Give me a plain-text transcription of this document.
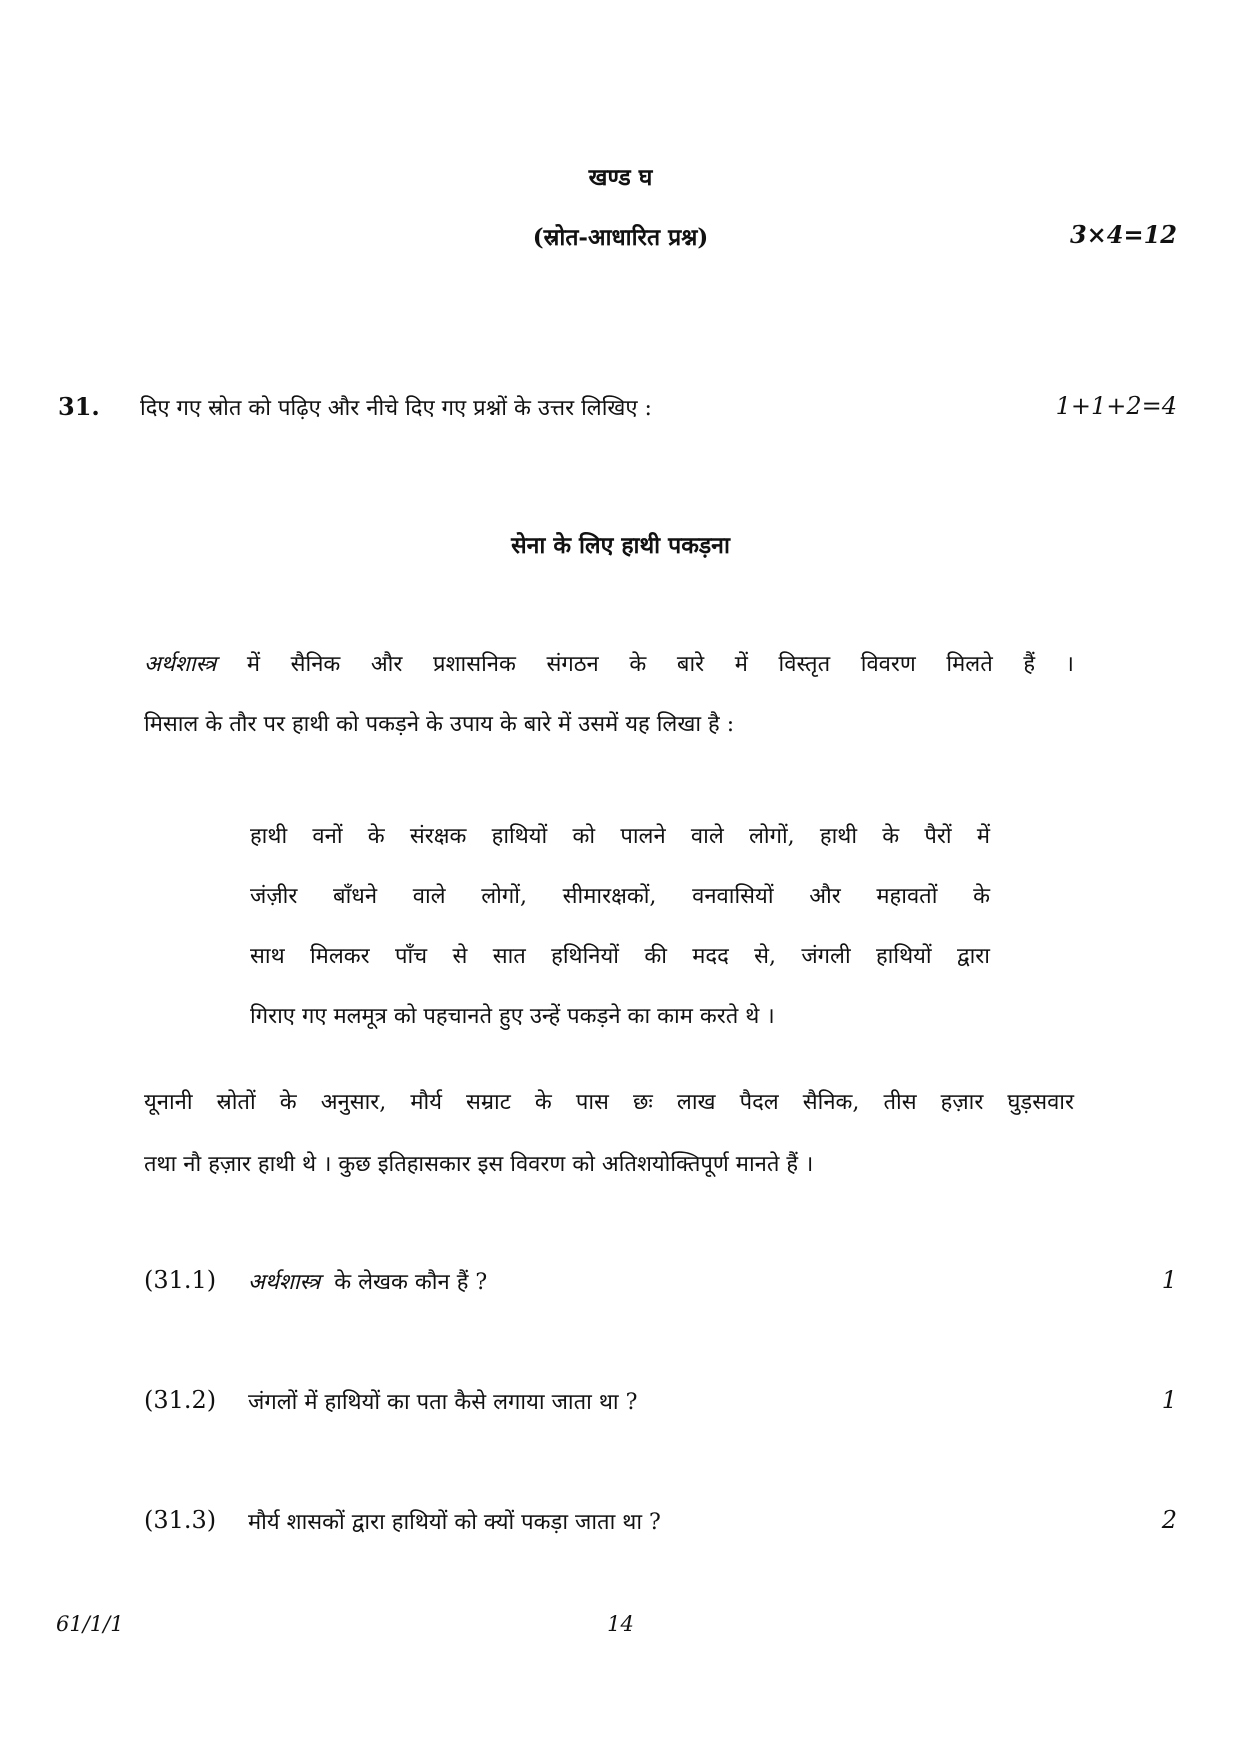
खण्ड घ
(स्रोत-आधारित प्रश्न)	3×4=12
31. दिए गए स्रोत को पढ़िए और नीचे दिए गए प्रश्नों के उत्तर लिखिए :	1+1+2=4
सेना के लिए हाथी पकड़ना
अर्थशास्त्र में सैनिक और प्रशासनिक संगठन के बारे में विस्तृत विवरण मिलते हैं ।
मिसाल के तौर पर हाथी को पकड़ने के उपाय के बारे में उसमें यह लिखा है :
हाथी वनों के संरक्षक हाथियों को पालने वाले लोगों, हाथी के पैरों में
जंज़ीर बाँधने वाले लोगों, सीमारक्षकों, वनवासियों और महावतों के
साथ मिलकर पाँच से सात हथिनियों की मदद से, जंगली हाथियों द्वारा
गिराए गए मलमूत्र को पहचानते हुए उन्हें पकड़ने का काम करते थे ।
यूनानी स्रोतों के अनुसार, मौर्य सम्राट के पास छः लाख पैदल सैनिक, तीस हज़ार घुड़सवार
तथा नौ हज़ार हाथी थे । कुछ इतिहासकार इस विवरण को अतिशयोक्तिपूर्ण मानते हैं ।
(31.1) अर्थशास्त्र  के लेखक कौन हैं ?	1
(31.2) जंगलों में हाथियों का पता कैसे लगाया जाता था ?	1
(31.3) मौर्य शासकों द्वारा हाथियों को क्यों पकड़ा जाता था ?	2
61/1/1	14
